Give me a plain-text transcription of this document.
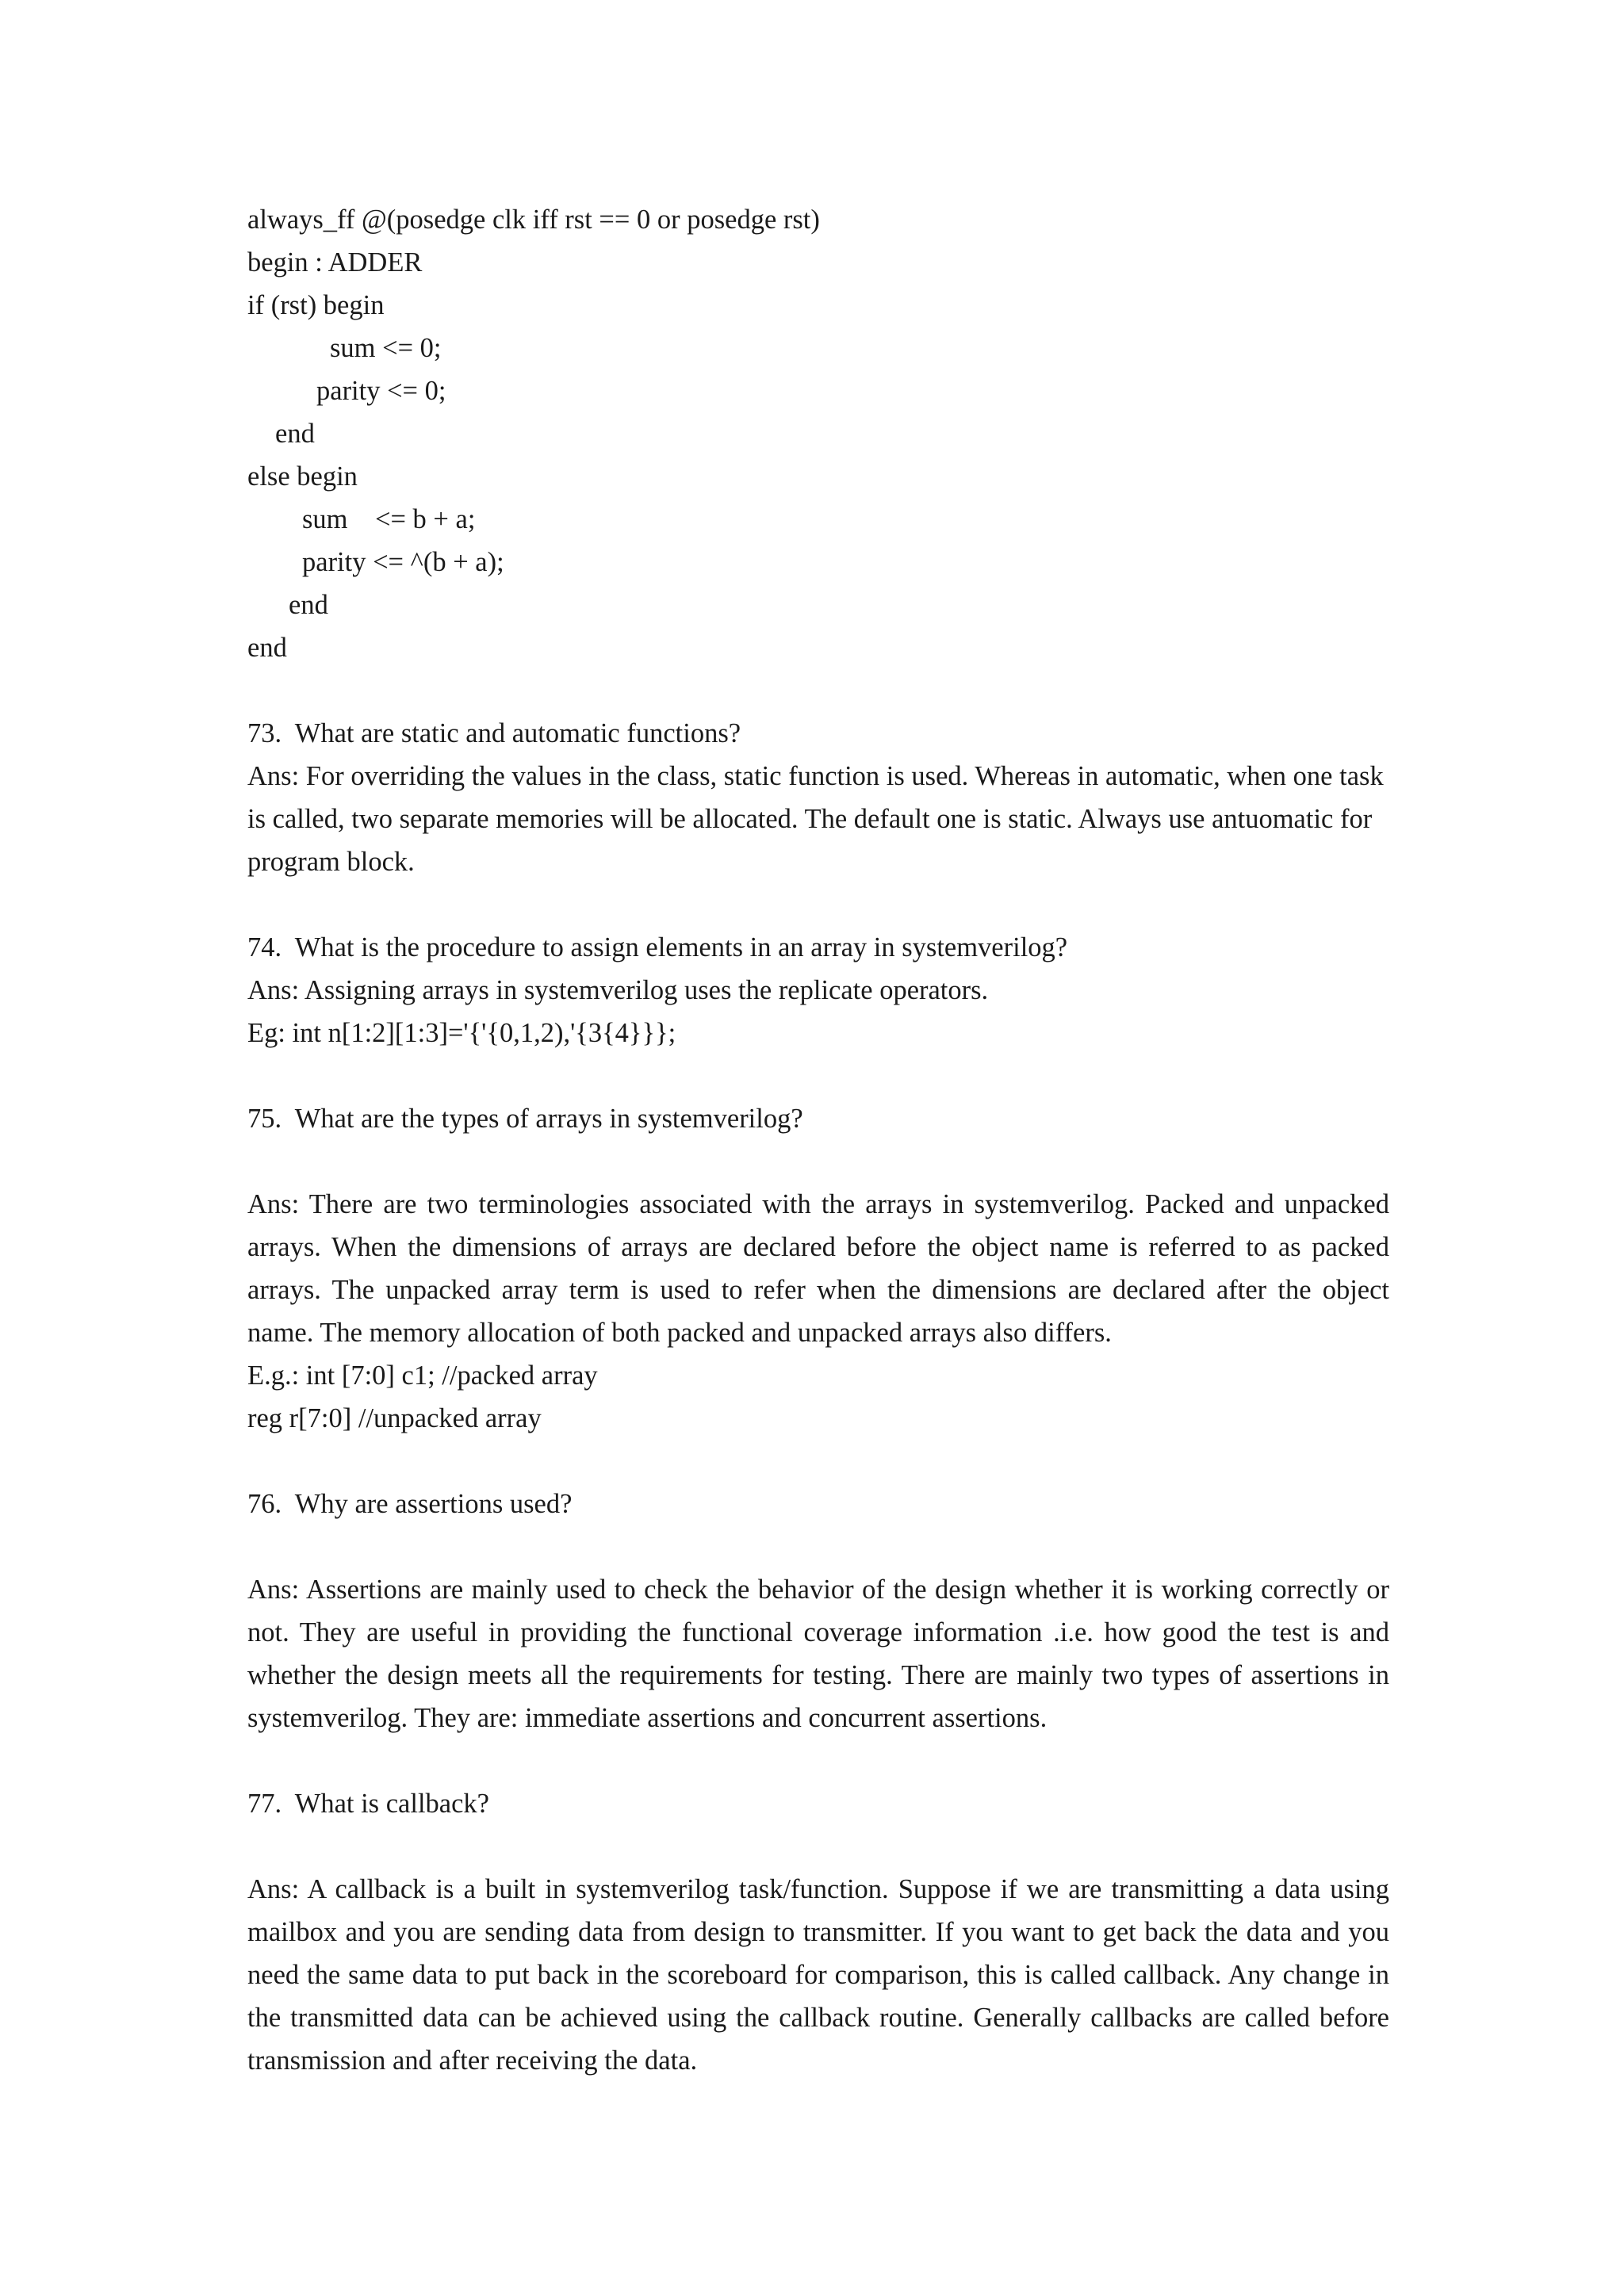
always_ff @(posedge clk iff rst == 0 or posedge rst)
begin : ADDER
if (rst) begin
sum <= 0;
parity <= 0;
end
else begin
sum    <= b + a;
parity <= ^(b + a);
end
end
73. What are static and automatic functions?

Ans: For overriding the values in the class, static function is used. Whereas in automatic, when one task is called, two separate memories will be allocated. The default one is static. Always use antuomatic for program block.

74. What is the procedure to assign elements in an array in systemverilog?
Ans: Assigning arrays in systemverilog uses the replicate operators.
Eg: int n[1:2][1:3]='{'{0,1,2),'{3{4}}};
75. What are the types of arrays in systemverilog?

Ans: There are two terminologies associated with the arrays in systemverilog. Packed and unpacked arrays. When the dimensions of arrays are declared before the object name is referred to as packed arrays. The unpacked array term is used to refer when the dimensions are declared after the object name. The memory allocation of both packed and unpacked arrays also differs.

E.g.: int [7:0] c1; //packed array
reg r[7:0] //unpacked array
76. Why are assertions used?

Ans: Assertions are mainly used to check the behavior of the design whether it is working correctly or not. They are useful in providing the functional coverage information .i.e. how good the test is and whether the design meets all the requirements for testing. There are mainly two types of assertions in systemverilog. They are: immediate assertions and concurrent assertions.

77. What is callback?

Ans: A callback is a built in systemverilog task/function. Suppose if we are transmitting a data using mailbox and you are sending data from design to transmitter. If you want to get back the data and you need the same data to put back in the scoreboard for comparison, this is called callback. Any change in the transmitted data can be achieved using the callback routine. Generally callbacks are called before transmission and after receiving the data.
